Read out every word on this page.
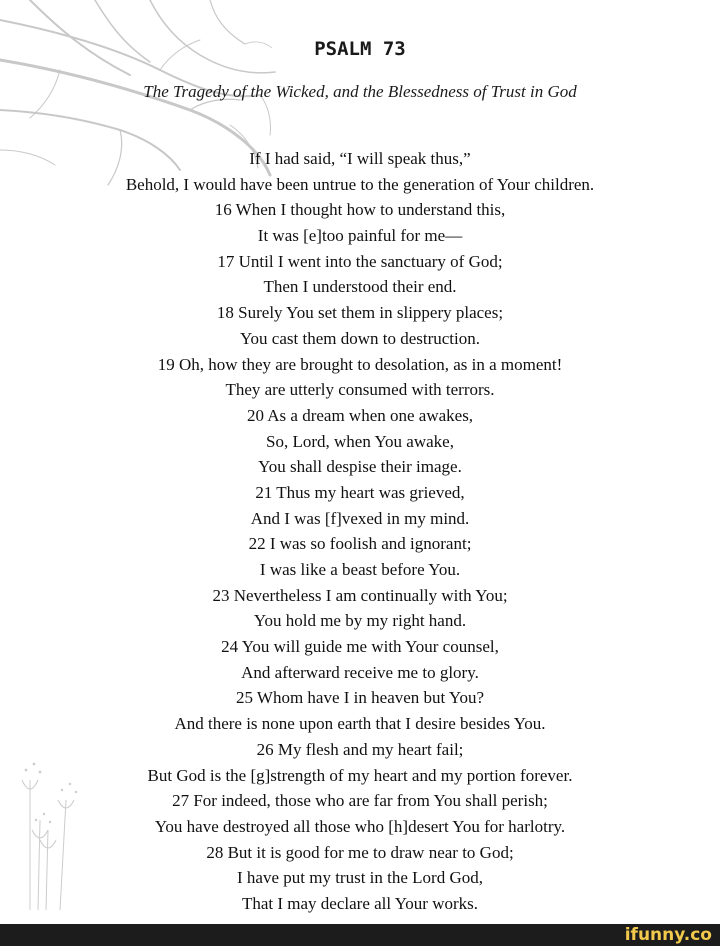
PSALM 73
The Tragedy of the Wicked, and the Blessedness of Trust in God
If I had said, “I will speak thus,”
Behold, I would have been untrue to the generation of Your children.
16 When I thought how to understand this,
It was [e]too painful for me—
17 Until I went into the sanctuary of God;
Then I understood their end.
18 Surely You set them in slippery places;
You cast them down to destruction.
19 Oh, how they are brought to desolation, as in a moment!
They are utterly consumed with terrors.
20 As a dream when one awakes,
So, Lord, when You awake,
You shall despise their image.
21 Thus my heart was grieved,
And I was [f]vexed in my mind.
22 I was so foolish and ignorant;
I was like a beast before You.
23 Nevertheless I am continually with You;
You hold me by my right hand.
24 You will guide me with Your counsel,
And afterward receive me to glory.
25 Whom have I in heaven but You?
And there is none upon earth that I desire besides You.
26 My flesh and my heart fail;
But God is the [g]strength of my heart and my portion forever.
27 For indeed, those who are far from You shall perish;
You have destroyed all those who [h]desert You for harlotry.
28 But it is good for me to draw near to God;
I have put my trust in the Lord God,
That I may declare all Your works.
ifunny.co
